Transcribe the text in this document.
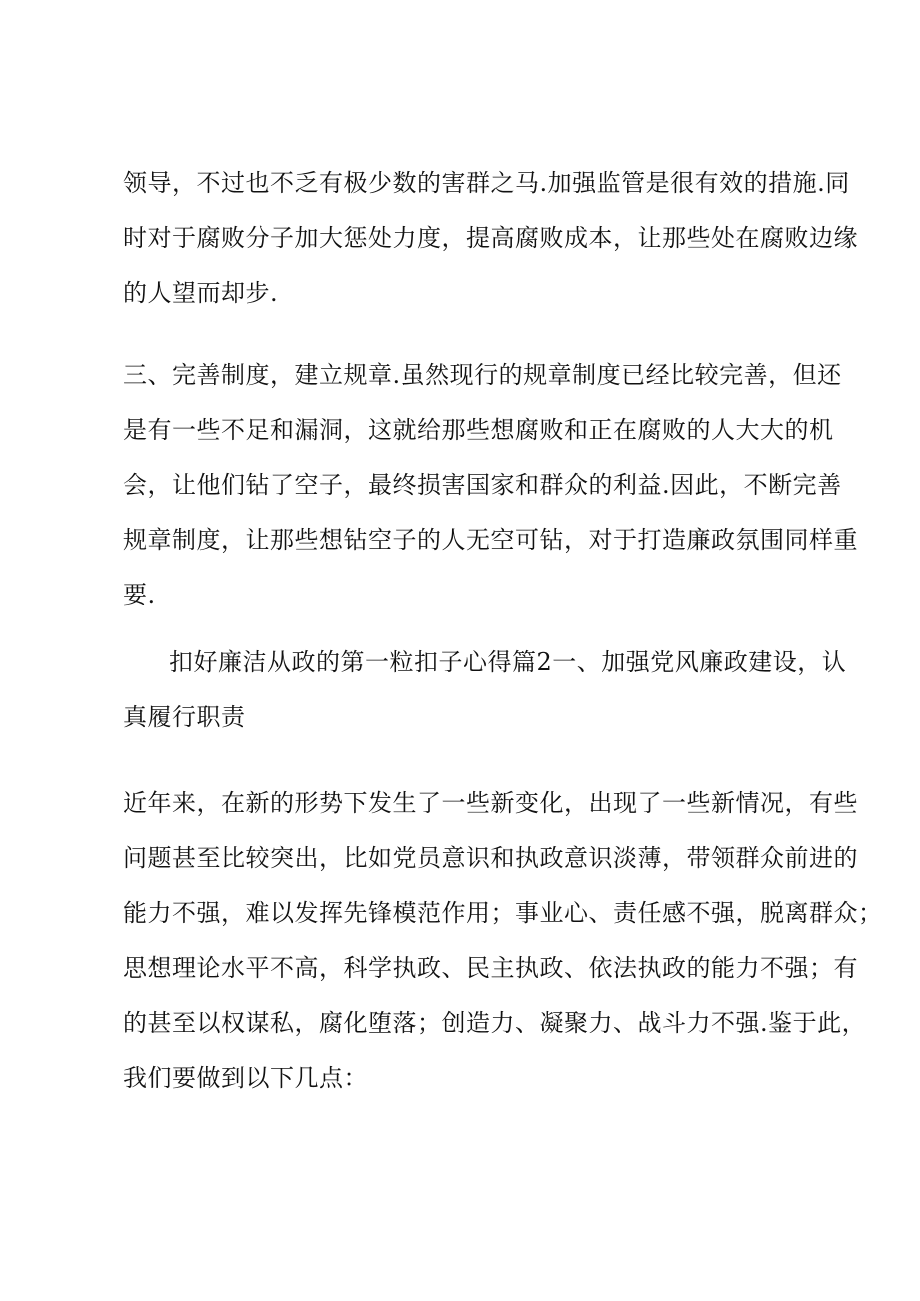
领导，不过也不乏有极少数的害群之马.加强监管是很有效的措施.同
时对于腐败分子加大惩处力度，提高腐败成本，让那些处在腐败边缘
的人望而却步.
三、完善制度，建立规章.虽然现行的规章制度已经比较完善，但还
是有一些不足和漏洞，这就给那些想腐败和正在腐败的人大大的机
会，让他们钻了空子，最终损害国家和群众的利益.因此，不断完善
规章制度，让那些想钻空子的人无空可钻，对于打造廉政氛围同样重
要.
扣好廉洁从政的第一粒扣子心得篇2一、加强党风廉政建设，认
真履行职责
近年来，在新的形势下发生了一些新变化，出现了一些新情况，有些
问题甚至比较突出，比如党员意识和执政意识淡薄，带领群众前进的
能力不强，难以发挥先锋模范作用；事业心、责任感不强，脱离群众；
思想理论水平不高，科学执政、民主执政、依法执政的能力不强；有
的甚至以权谋私，腐化堕落；创造力、凝聚力、战斗力不强.鉴于此，
我们要做到以下几点：
